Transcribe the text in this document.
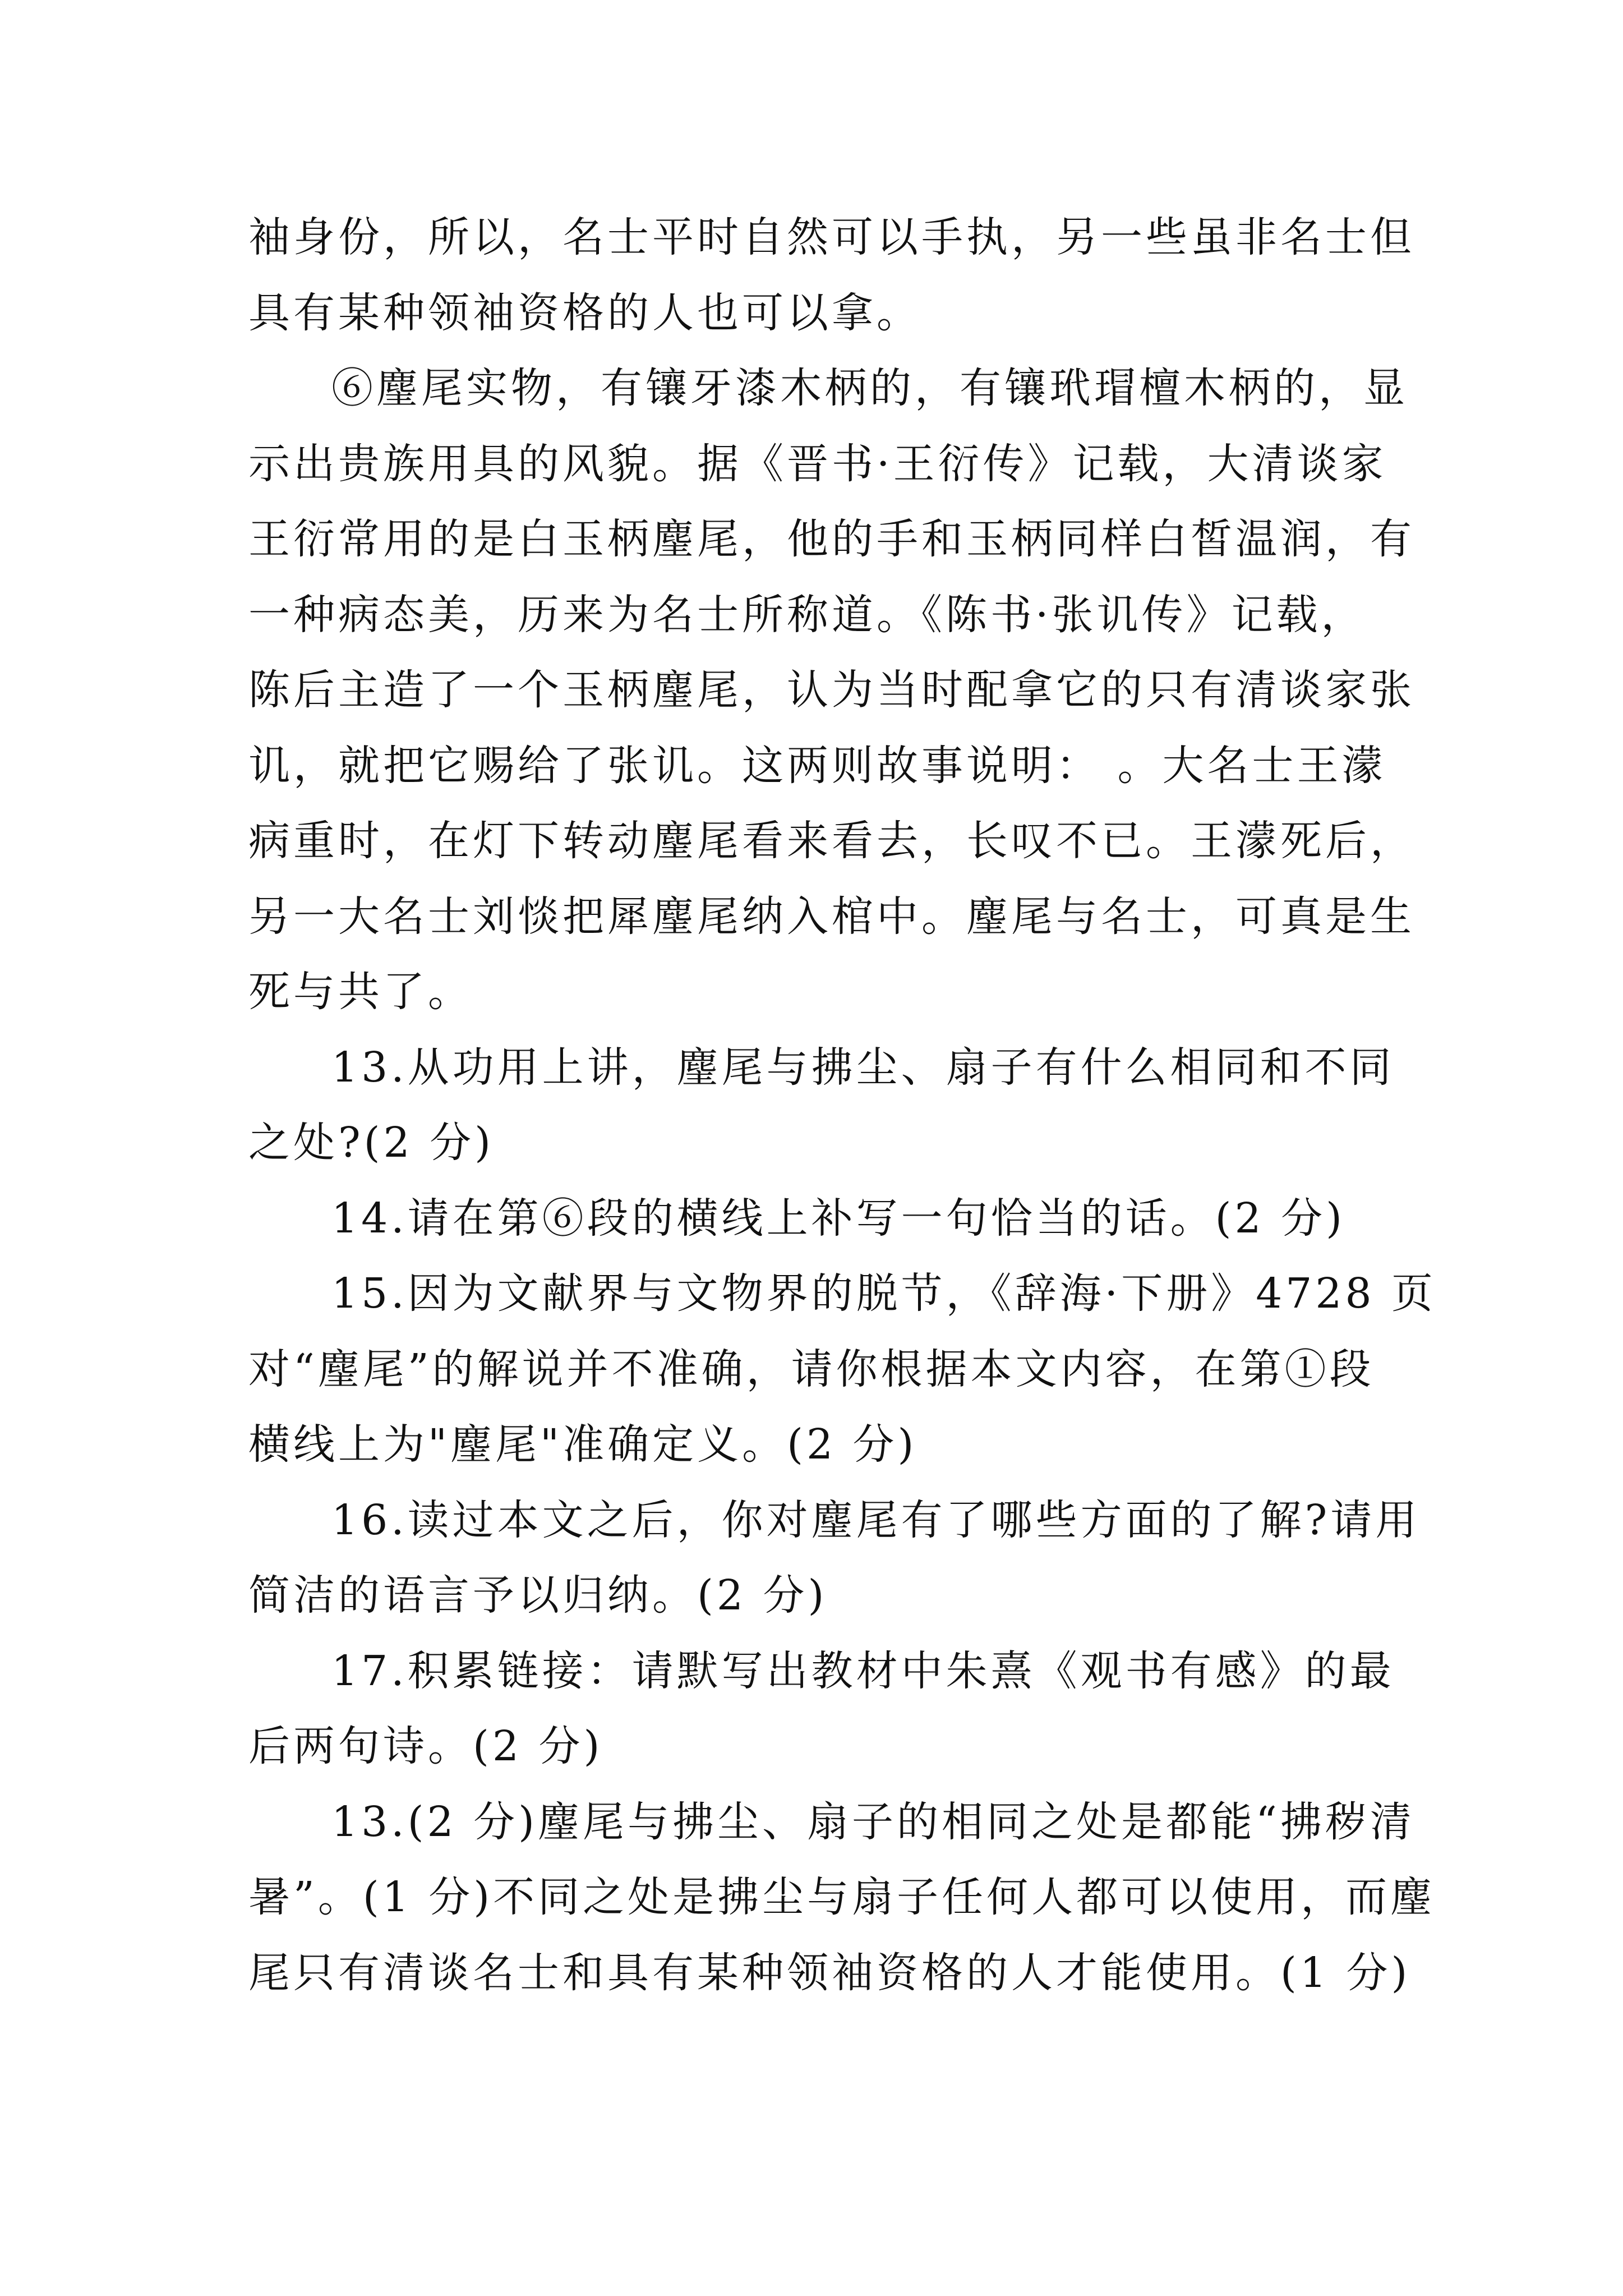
袖身份，所以，名士平时自然可以手执，另一些虽非名士但
具有某种领袖资格的人也可以拿。
⑥麈尾实物，有镶牙漆木柄的，有镶玳瑁檀木柄的，显
示出贵族用具的风貌。据《晋书·王衍传》记载，大清谈家
王衍常用的是白玉柄麈尾，他的手和玉柄同样白皙温润，有
一种病态美，历来为名士所称道。《陈书·张讥传》记载，
陈后主造了一个玉柄麈尾，认为当时配拿它的只有清谈家张
讥，就把它赐给了张讥。这两则故事说明： 。大名士王濛
病重时，在灯下转动麈尾看来看去，长叹不已。王濛死后，
另一大名士刘惔把犀麈尾纳入棺中。麈尾与名士，可真是生
死与共了。
13.从功用上讲，麈尾与拂尘、扇子有什么相同和不同
之处?(2 分)
14.请在第⑥段的横线上补写一句恰当的话。(2 分)
15.因为文献界与文物界的脱节，《辞海·下册》4728 页
对“麈尾”的解说并不准确，请你根据本文内容，在第①段
横线上为"麈尾"准确定义。(2 分)
16.读过本文之后，你对麈尾有了哪些方面的了解?请用
简洁的语言予以归纳。(2 分)
17.积累链接：请默写出教材中朱熹《观书有感》的最
后两句诗。(2 分)
13.(2 分)麈尾与拂尘、扇子的相同之处是都能“拂秽清
暑”。(1 分)不同之处是拂尘与扇子任何人都可以使用，而麈
尾只有清谈名士和具有某种领袖资格的人才能使用。(1 分)
